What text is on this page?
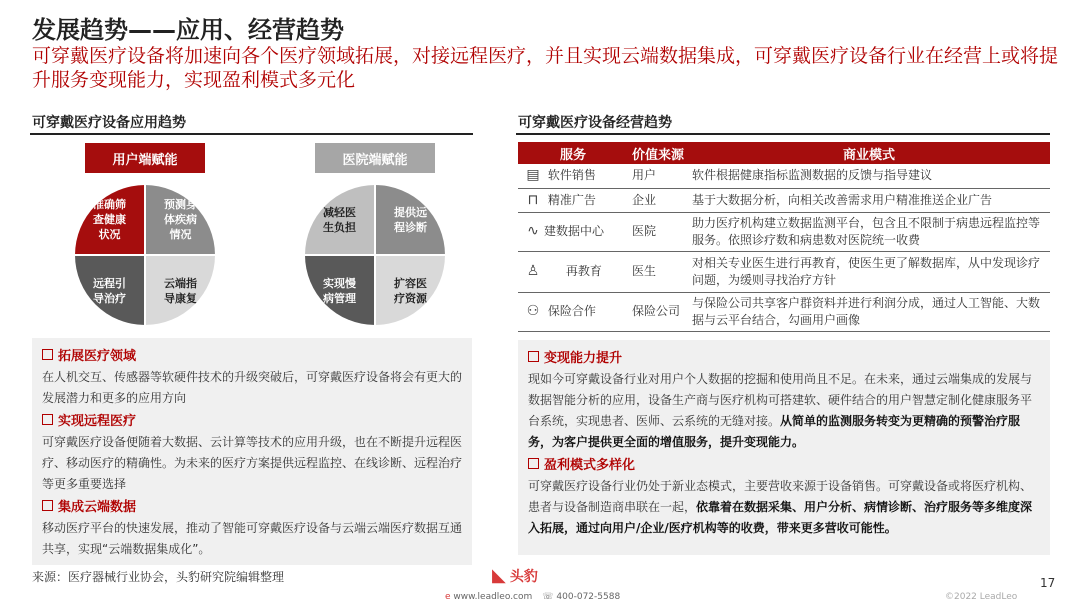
发展趋势——应用、经营趋势
可穿戴医疗设备将加速向各个医疗领域拓展，对接远程医疗，并且实现云端数据集成，可穿戴医疗设备行业在经营上或将提升服务变现能力，实现盈利模式多元化
可穿戴医疗设备应用趋势
用户端赋能	医院端赋能
准确筛查健康状况
预测身体疾病情况
远程引导治疗
云端指导康复
减轻医生负担
提供远程诊断
实现慢病管理
扩容医疗资源
拓展医疗领域
在人机交互、传感器等软硬件技术的升级突破后，可穿戴医疗设备将会有更大的发展潜力和更多的应用方向
实现远程医疗
可穿戴医疗设备便随着大数据、云计算等技术的应用升级，也在不断提升远程医疗、移动医疗的精确性。为未来的医疗方案提供远程监控、在线诊断、远程治疗等更多重要选择
集成云端数据
移动医疗平台的快速发展，推动了智能可穿戴医疗设备与云端云端医疗数据互通共享，实现“云端数据集成化”。
可穿戴医疗设备经营趋势
服务	价值来源	商业模式
▤ 软件销售	用户	软件根据健康指标监测数据的反馈与指导建议
⊓ 精准广告	企业	基于大数据分析，向相关改善需求用户精准推送企业广告
∿ 建数据中心	医院	助力医疗机构建立数据监测平台，包含且不限制于病患远程监控等服务。依照诊疗数和病患数对医院统一收费
♙ 再教育	医生	对相关专业医生进行再教育，使医生更了解数据库，从中发现诊疗问题，为缓则寻找治疗方针
⚇ 保险合作	保险公司	与保险公司共享客户群资料并进行利润分成，通过人工智能、大数据与云平台结合，勾画用户画像
变现能力提升
现如今可穿戴设备行业对用户个人数据的挖掘和使用尚且不足。在未来，通过云端集成的发展与数据智能分析的应用，设备生产商与医疗机构可搭建软、硬件结合的用户智慧定制化健康服务平台系统，实现患者、医师、云系统的无缝对接。从简单的监测服务转变为更精确的预警治疗服务，为客户提供更全面的增值服务，提升变现能力。
盈利模式多样化
可穿戴医疗设备行业仍处于新业态模式，主要营收来源于设备销售。可穿戴设备或将医疗机构、患者与设备制造商串联在一起，依靠着在数据采集、用户分析、病情诊断、治疗服务等多维度深入拓展，通过向用户/企业/医疗机构等的收费，带来更多营收可能性。
来源：医疗器械行业协会，头豹研究院编辑整理	◣ 头豹
e www.leadleo.com ☏ 400-072-5588	©2022 LeadLeo
17
